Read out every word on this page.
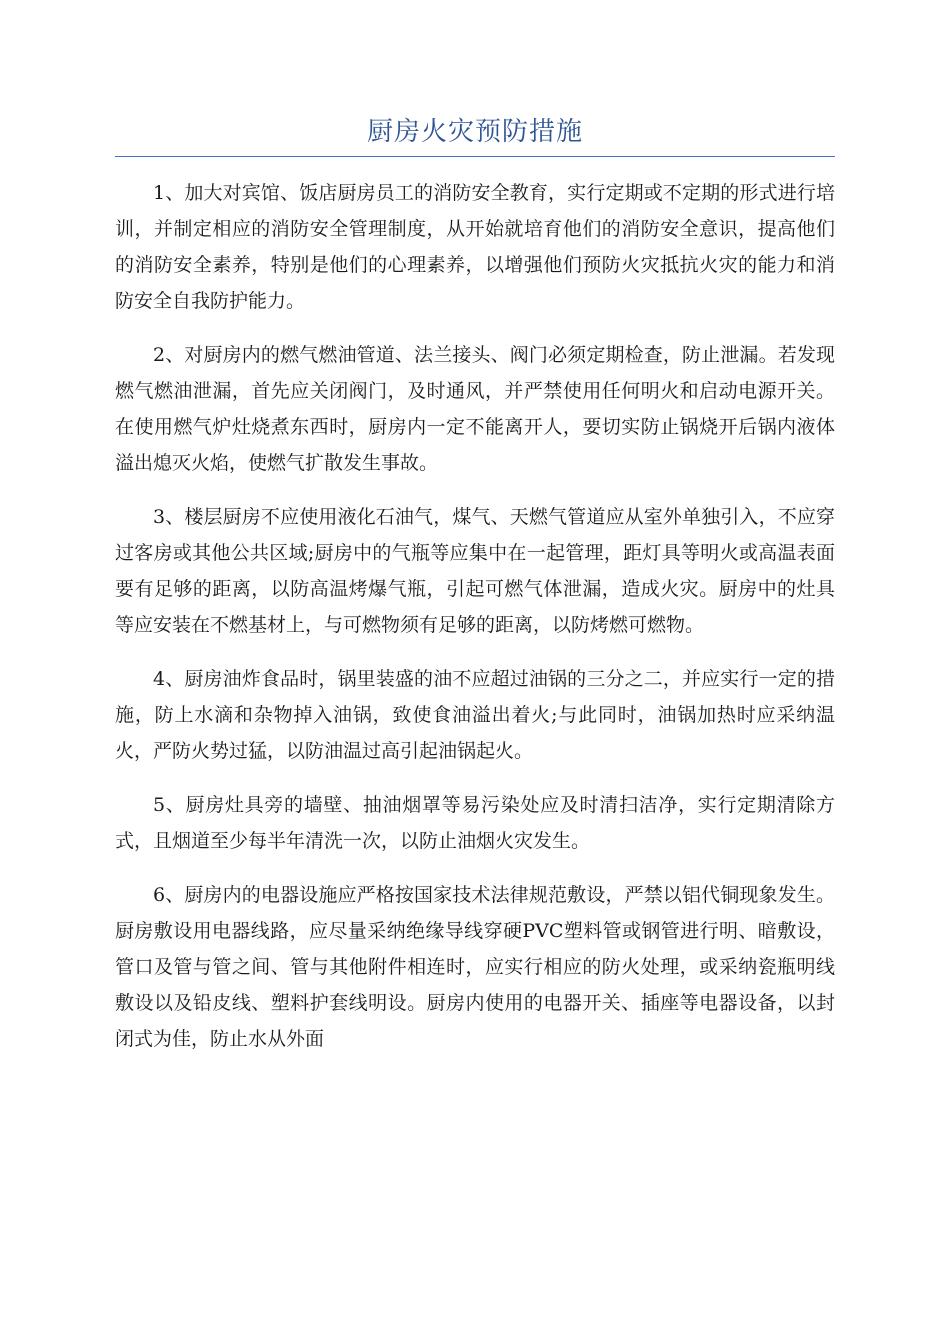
厨房火灾预防措施

1、加大对宾馆、饭店厨房员工的消防安全教育，实行定期或不定期的形式进行培训，并制定相应的消防安全管理制度，从开始就培育他们的消防安全意识，提高他们的消防安全素养，特别是他们的心理素养，以增强他们预防火灾抵抗火灾的能力和消防安全自我防护能力。

2、对厨房内的燃气燃油管道、法兰接头、阀门必须定期检查，防止泄漏。若发现燃气燃油泄漏，首先应关闭阀门，及时通风，并严禁使用任何明火和启动电源开关。在使用燃气炉灶烧煮东西时，厨房内一定不能离开人，要切实防止锅烧开后锅内液体溢出熄灭火焰，使燃气扩散发生事故。

3、楼层厨房不应使用液化石油气，煤气、天燃气管道应从室外单独引入，不应穿过客房或其他公共区域;厨房中的气瓶等应集中在一起管理，距灯具等明火或高温表面要有足够的距离，以防高温烤爆气瓶，引起可燃气体泄漏，造成火灾。厨房中的灶具等应安装在不燃基材上，与可燃物须有足够的距离，以防烤燃可燃物。

4、厨房油炸食品时，锅里装盛的油不应超过油锅的三分之二，并应实行一定的措施，防上水滴和杂物掉入油锅，致使食油溢出着火;与此同时，油锅加热时应采纳温火，严防火势过猛，以防油温过高引起油锅起火。

5、厨房灶具旁的墙壁、抽油烟罩等易污染处应及时清扫洁净，实行定期清除方式，且烟道至少每半年清洗一次，以防止油烟火灾发生。

6、厨房内的电器设施应严格按国家技术法律规范敷设，严禁以铝代铜现象发生。厨房敷设用电器线路，应尽量采纳绝缘导线穿硬PVC塑料管或钢管进行明、暗敷设，管口及管与管之间、管与其他附件相连时，应实行相应的防火处理，或采纳瓷瓶明线敷设以及铅皮线、塑料护套线明设。厨房内使用的电器开关、插座等电器设备，以封闭式为佳，防止水从外面
